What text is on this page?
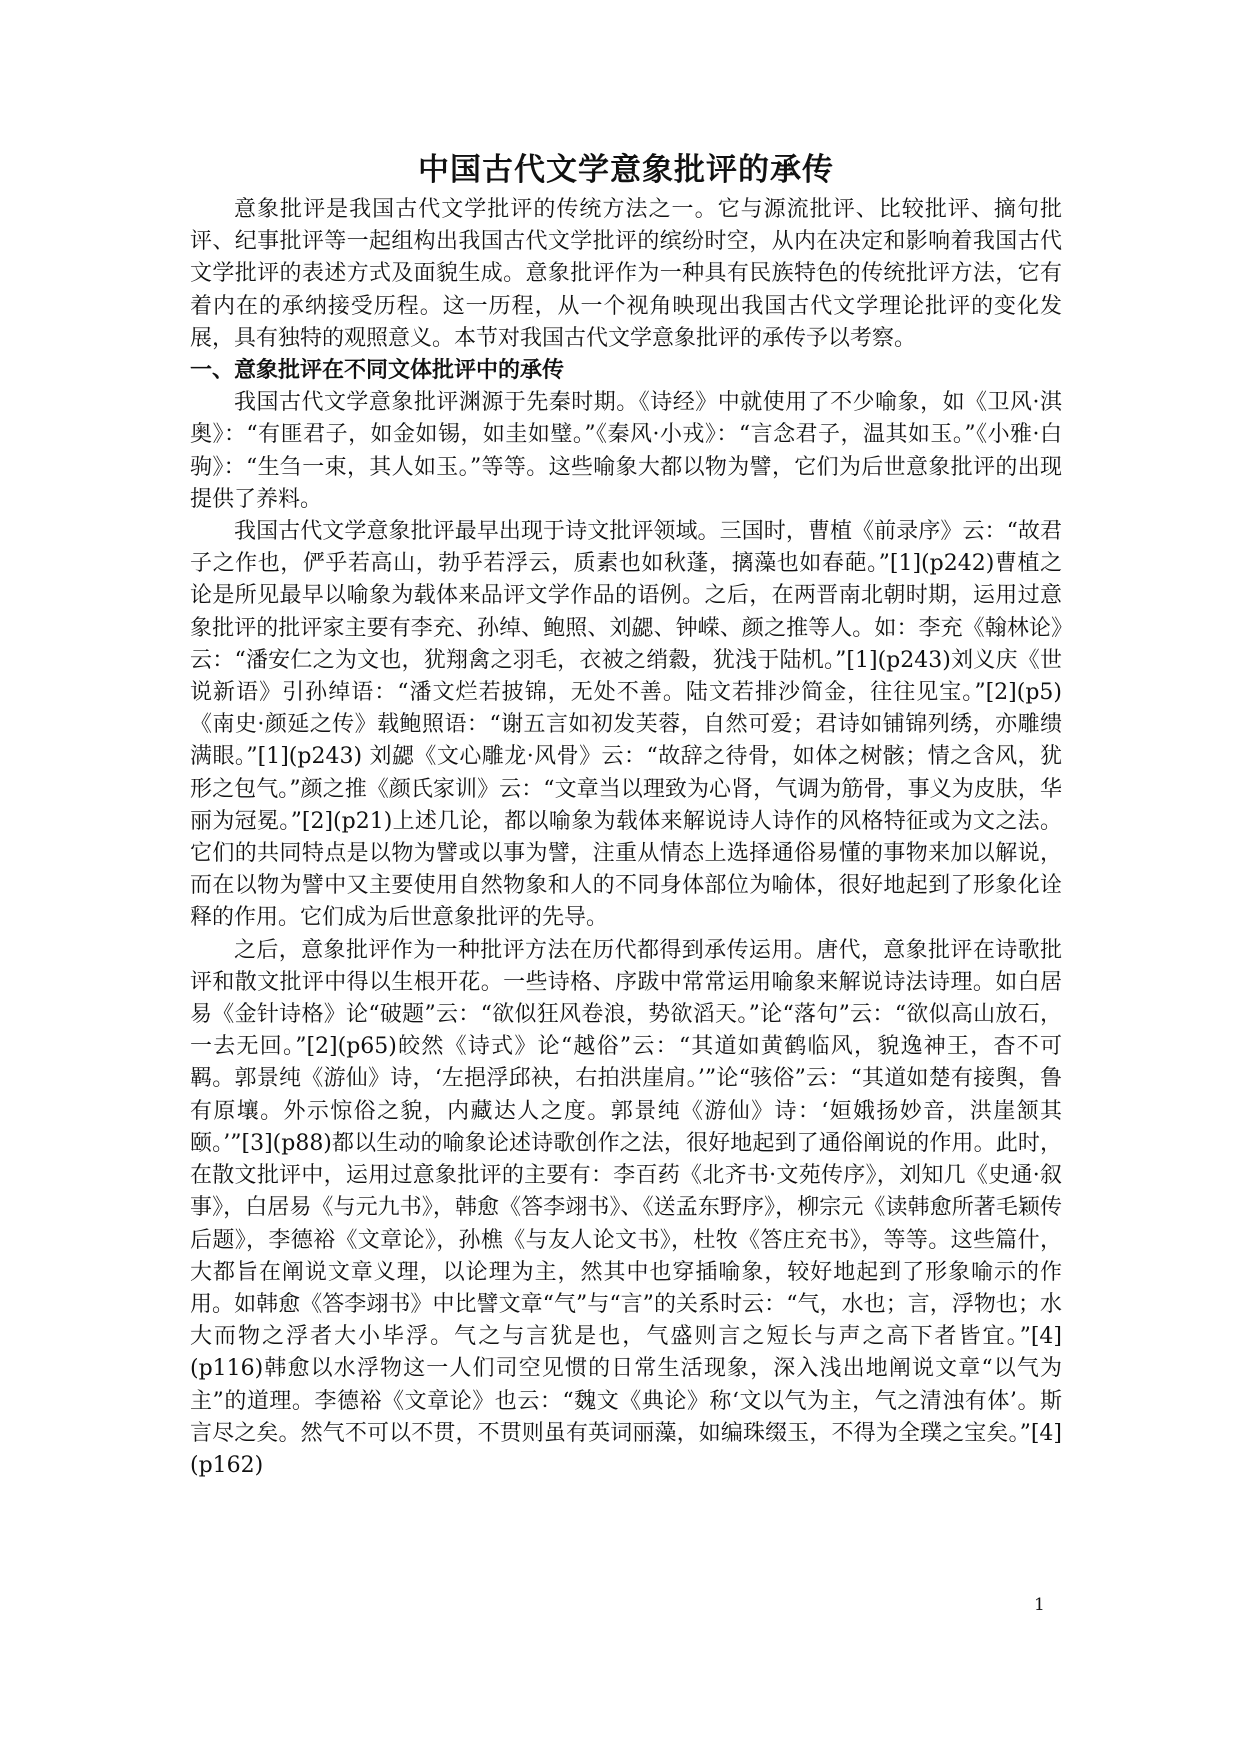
中国古代文学意象批评的承传

意象批评是我国古代文学批评的传统方法之一。它与源流批评、比较批评、摘句批评、纪事批评等一起组构出我国古代文学批评的缤纷时空，从内在决定和影响着我国古代文学批评的表述方式及面貌生成。意象批评作为一种具有民族特色的传统批评方法，它有着内在的承纳接受历程。这一历程，从一个视角映现出我国古代文学理论批评的变化发展，具有独特的观照意义。本节对我国古代文学意象批评的承传予以考察。

一、意象批评在不同文体批评中的承传

我国古代文学意象批评渊源于先秦时期。《诗经》中就使用了不少喻象，如《卫风·淇奥》：“有匪君子，如金如锡，如圭如璧。”《秦风·小戎》：“言念君子，温其如玉。”《小雅·白驹》：“生刍一束，其人如玉。”等等。这些喻象大都以物为譬，它们为后世意象批评的出现提供了养料。

我国古代文学意象批评最早出现于诗文批评领域。三国时，曹植《前录序》云：“故君子之作也，俨乎若高山，勃乎若浮云，质素也如秋蓬，摛藻也如春葩。”[1](p242)曹植之论是所见最早以喻象为载体来品评文学作品的语例。之后，在两晋南北朝时期，运用过意象批评的批评家主要有李充、孙绰、鲍照、刘勰、钟嵘、颜之推等人。如：李充《翰林论》云：“潘安仁之为文也，犹翔禽之羽毛，衣被之绡縠，犹浅于陆机。”[1](p243)刘义庆《世说新语》引孙绰语：“潘文烂若披锦，无处不善。陆文若排沙简金，往往见宝。”[2](p5)《南史·颜延之传》载鲍照语：“谢五言如初发芙蓉，自然可爱；君诗如铺锦列绣，亦雕缋满眼。”[1](p243) 刘勰《文心雕龙·风骨》云：“故辞之待骨，如体之树骸；情之含风，犹形之包气。”颜之推《颜氏家训》云：“文章当以理致为心肾，气调为筋骨，事义为皮肤，华丽为冠冕。”[2](p21)上述几论，都以喻象为载体来解说诗人诗作的风格特征或为文之法。它们的共同特点是以物为譬或以事为譬，注重从情态上选择通俗易懂的事物来加以解说，而在以物为譬中又主要使用自然物象和人的不同身体部位为喻体，很好地起到了形象化诠释的作用。它们成为后世意象批评的先导。

之后，意象批评作为一种批评方法在历代都得到承传运用。唐代，意象批评在诗歌批评和散文批评中得以生根开花。一些诗格、序跋中常常运用喻象来解说诗法诗理。如白居易《金针诗格》论“破题”云：“欲似狂风卷浪，势欲滔天。”论“落句”云：“欲似高山放石，一去无回。”[2](p65)皎然《诗式》论“越俗”云：“其道如黄鹤临风，貌逸神王，杳不可羁。郭景纯《游仙》诗，‘左挹浮邱袂，右拍洪崖肩。’”论“骇俗”云：“其道如楚有接舆，鲁有原壤。外示惊俗之貌，内藏达人之度。郭景纯《游仙》诗：‘姮娥扬妙音，洪崖颔其颐。’”[3](p88)都以生动的喻象论述诗歌创作之法，很好地起到了通俗阐说的作用。此时，在散文批评中，运用过意象批评的主要有：李百药《北齐书·文苑传序》，刘知几《史通·叙事》，白居易《与元九书》，韩愈《答李翊书》、《送孟东野序》，柳宗元《读韩愈所著毛颖传后题》，李德裕《文章论》，孙樵《与友人论文书》，杜牧《答庄充书》，等等。这些篇什，大都旨在阐说文章义理，以论理为主，然其中也穿插喻象，较好地起到了形象喻示的作用。如韩愈《答李翊书》中比譬文章“气”与“言”的关系时云：“气，水也；言，浮物也；水大而物之浮者大小毕浮。气之与言犹是也，气盛则言之短长与声之高下者皆宜。”[4](p116)韩愈以水浮物这一人们司空见惯的日常生活现象，深入浅出地阐说文章“以气为主”的道理。李德裕《文章论》也云：“魏文《典论》称‘文以气为主，气之清浊有体’。斯言尽之矣。然气不可以不贯，不贯则虽有英词丽藻，如编珠缀玉，不得为全璞之宝矣。”[4](p162)

1
